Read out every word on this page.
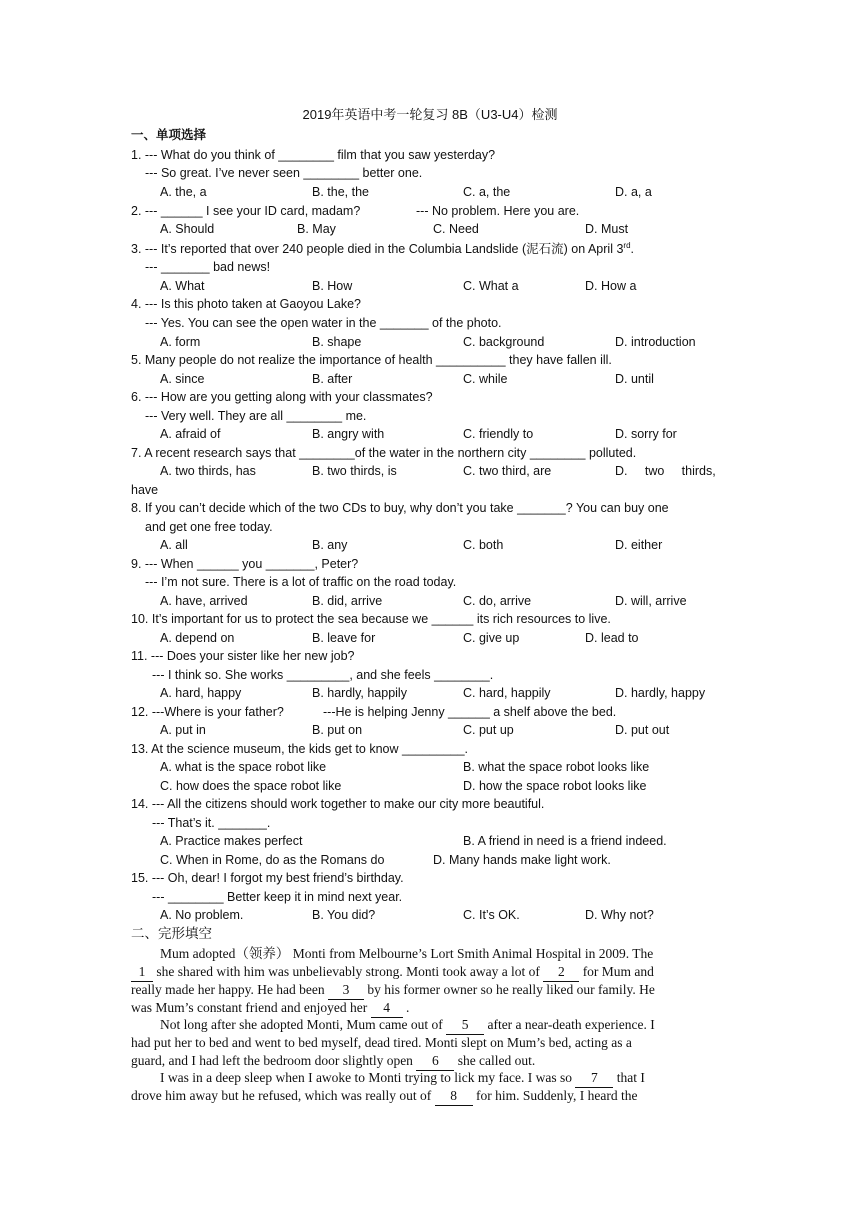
2019年英语中考一轮复习 8B（U3-U4）检测
一、单项选择
1. --- What do you think of ________ film that you saw yesterday?
--- So great. I’ve never seen ________ better one.
A. the, a	B. the, the	C. a, the	D. a, a
2. --- ______ I see your ID card, madam?	--- No problem. Here you are.
A. Should	B. May	C. Need	D. Must
3. --- It’s reported that over 240 people died in the Columbia Landslide (泥石流) on April 3rd.
--- _______ bad news!
A. What	B. How	C. What a	D. How a
4. --- Is this photo taken at Gaoyou Lake?
--- Yes. You can see the open water in the _______ of the photo.
A. form	B. shape	C. background	D. introduction
5. Many people do not realize the importance of health __________ they have fallen ill.
A. since	B. after	C. while	D. until
6. --- How are you getting along with your classmates?
--- Very well. They are all ________ me.
A. afraid of	B. angry with	C. friendly to	D. sorry for
7. A recent research says that ________of the water in the northern city ________ polluted.
A. two thirds, has	B. two thirds, is	C. two third, are	D.     two     thirds,
have
8. If you can’t decide which of the two CDs to buy, why don’t you take _______? You can buy one
and get one free today.
A. all	B. any	C. both	D. either
9. --- When ______ you _______, Peter?
--- I’m not sure. There is a lot of traffic on the road today.
A. have, arrived	B. did, arrive	C. do, arrive	D. will, arrive
10. It’s important for us to protect the sea because we ______ its rich resources to live.
A. depend on	B. leave for	C. give up	D. lead to
11. --- Does your sister like her new job?
--- I think so. She works _________, and she feels ________.
A. hard, happy	B. hardly, happily	C. hard, happily	D. hardly, happy
12. ---Where is your father?	---He is helping Jenny ______ a shelf above the bed.
A. put in	B. put on	C. put up	D. put out
13. At the science museum, the kids get to know _________.
A. what is the space robot like	B. what the space robot looks like
C. how does the space robot like	D. how the space robot looks like
14. --- All the citizens should work together to make our city more beautiful.
--- That’s it. _______.
A. Practice makes perfect	B. A friend in need is a friend indeed.
C. When in Rome, do as the Romans do	D. Many hands make light work.
15. --- Oh, dear! I forgot my best friend’s birthday.
--- ________ Better keep it in mind next year.
A. No problem.	B. You did?	C. It’s OK.	D. Why not?
二、完形填空
Mum adopted（领养） Monti from Melbourne’s Lort Smith Animal Hospital in 2009. The
1 she shared with him was unbelievably strong. Monti took away a lot of 2 for Mum and
really made her happy. He had been 3 by his former owner so he really liked our family. He
was Mum’s constant friend and enjoyed her 4 .
Not long after she adopted Monti, Mum came out of 5 after a near-death experience. I
had put her to bed and went to bed myself, dead tired. Monti slept on Mum’s bed, acting as a
guard, and I had left the bedroom door slightly open 6 she called out.
I was in a deep sleep when I awoke to Monti trying to lick my face. I was so 7 that I
drove him away but he refused, which was really out of 8 for him. Suddenly, I heard the
